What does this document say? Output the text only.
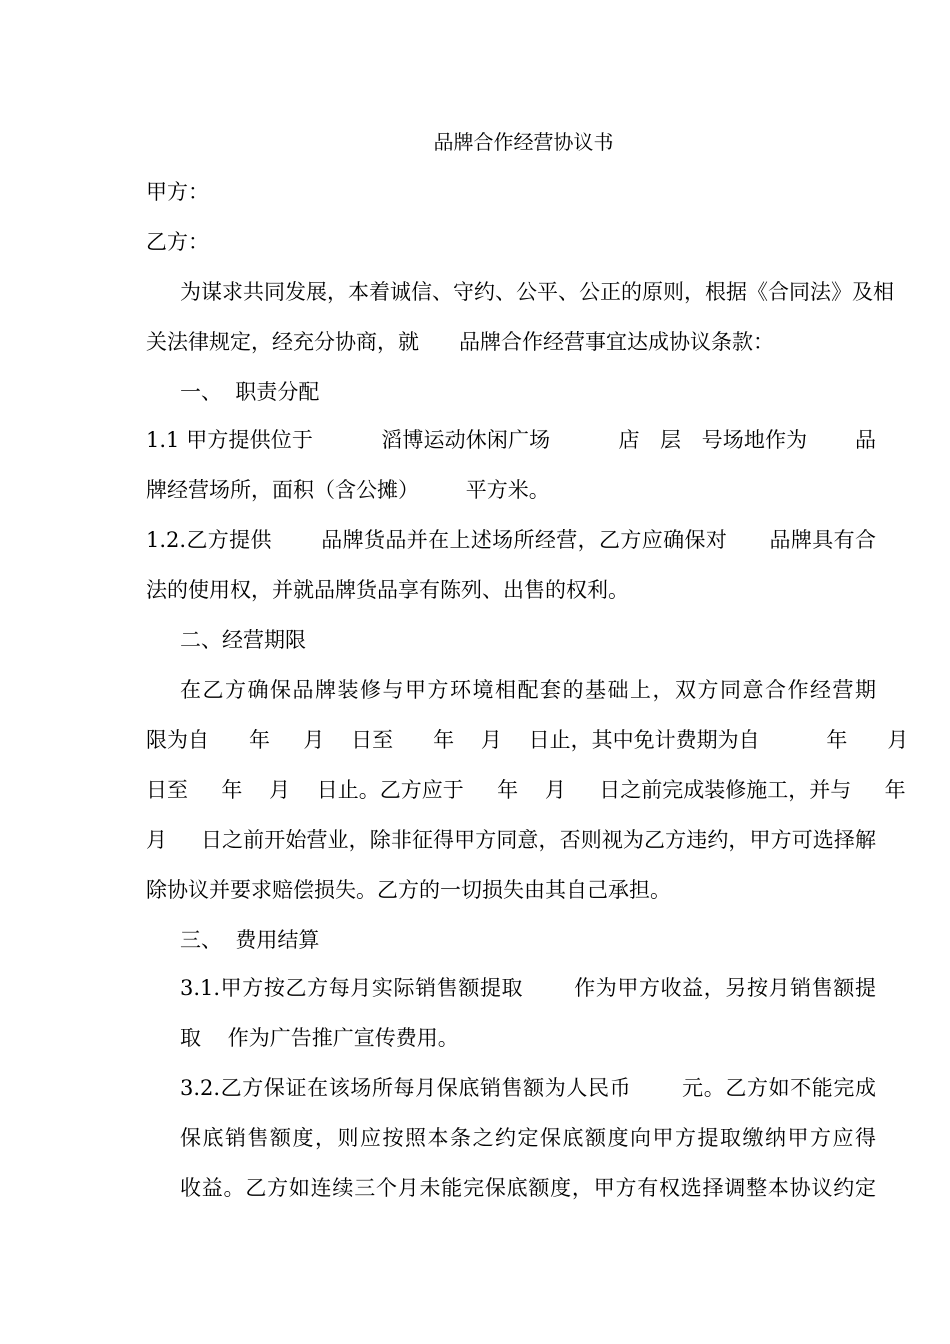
品牌合作经营协议书
甲方：
乙方：
为谋求共同发展，本着诚信、守约、公平、公正的原则，根据《合同法》及相
关法律规定，经充分协商，就      品牌合作经营事宜达成协议条款：
一、  职责分配
1.1 甲方提供位于          滔博运动休闲广场          店   层   号场地作为       品
牌经营场所，面积（含公摊）       平方米。
1.2.乙方提供       品牌货品并在上述场所经营，乙方应确保对      品牌具有合
法的使用权，并就品牌货品享有陈列、出售的权利。
二、经营期限
在乙方确保品牌装修与甲方环境相配套的基础上，双方同意合作经营期
限为自      年     月    日至      年    月    日止，其中免计费期为自          年      月
日至     年    月    日止。乙方应于     年    月     日之前完成装修施工，并与     年
月     日之前开始营业，除非征得甲方同意，否则视为乙方违约，甲方可选择解
除协议并要求赔偿损失。乙方的一切损失由其自己承担。
三、  费用结算
3.1.甲方按乙方每月实际销售额提取       作为甲方收益，另按月销售额提
取    作为广告推广宣传费用。
3.2.乙方保证在该场所每月保底销售额为人民币       元。乙方如不能完成
保底销售额度，则应按照本条之约定保底额度向甲方提取缴纳甲方应得
收益。乙方如连续三个月未能完保底额度，甲方有权选择调整本协议约定
